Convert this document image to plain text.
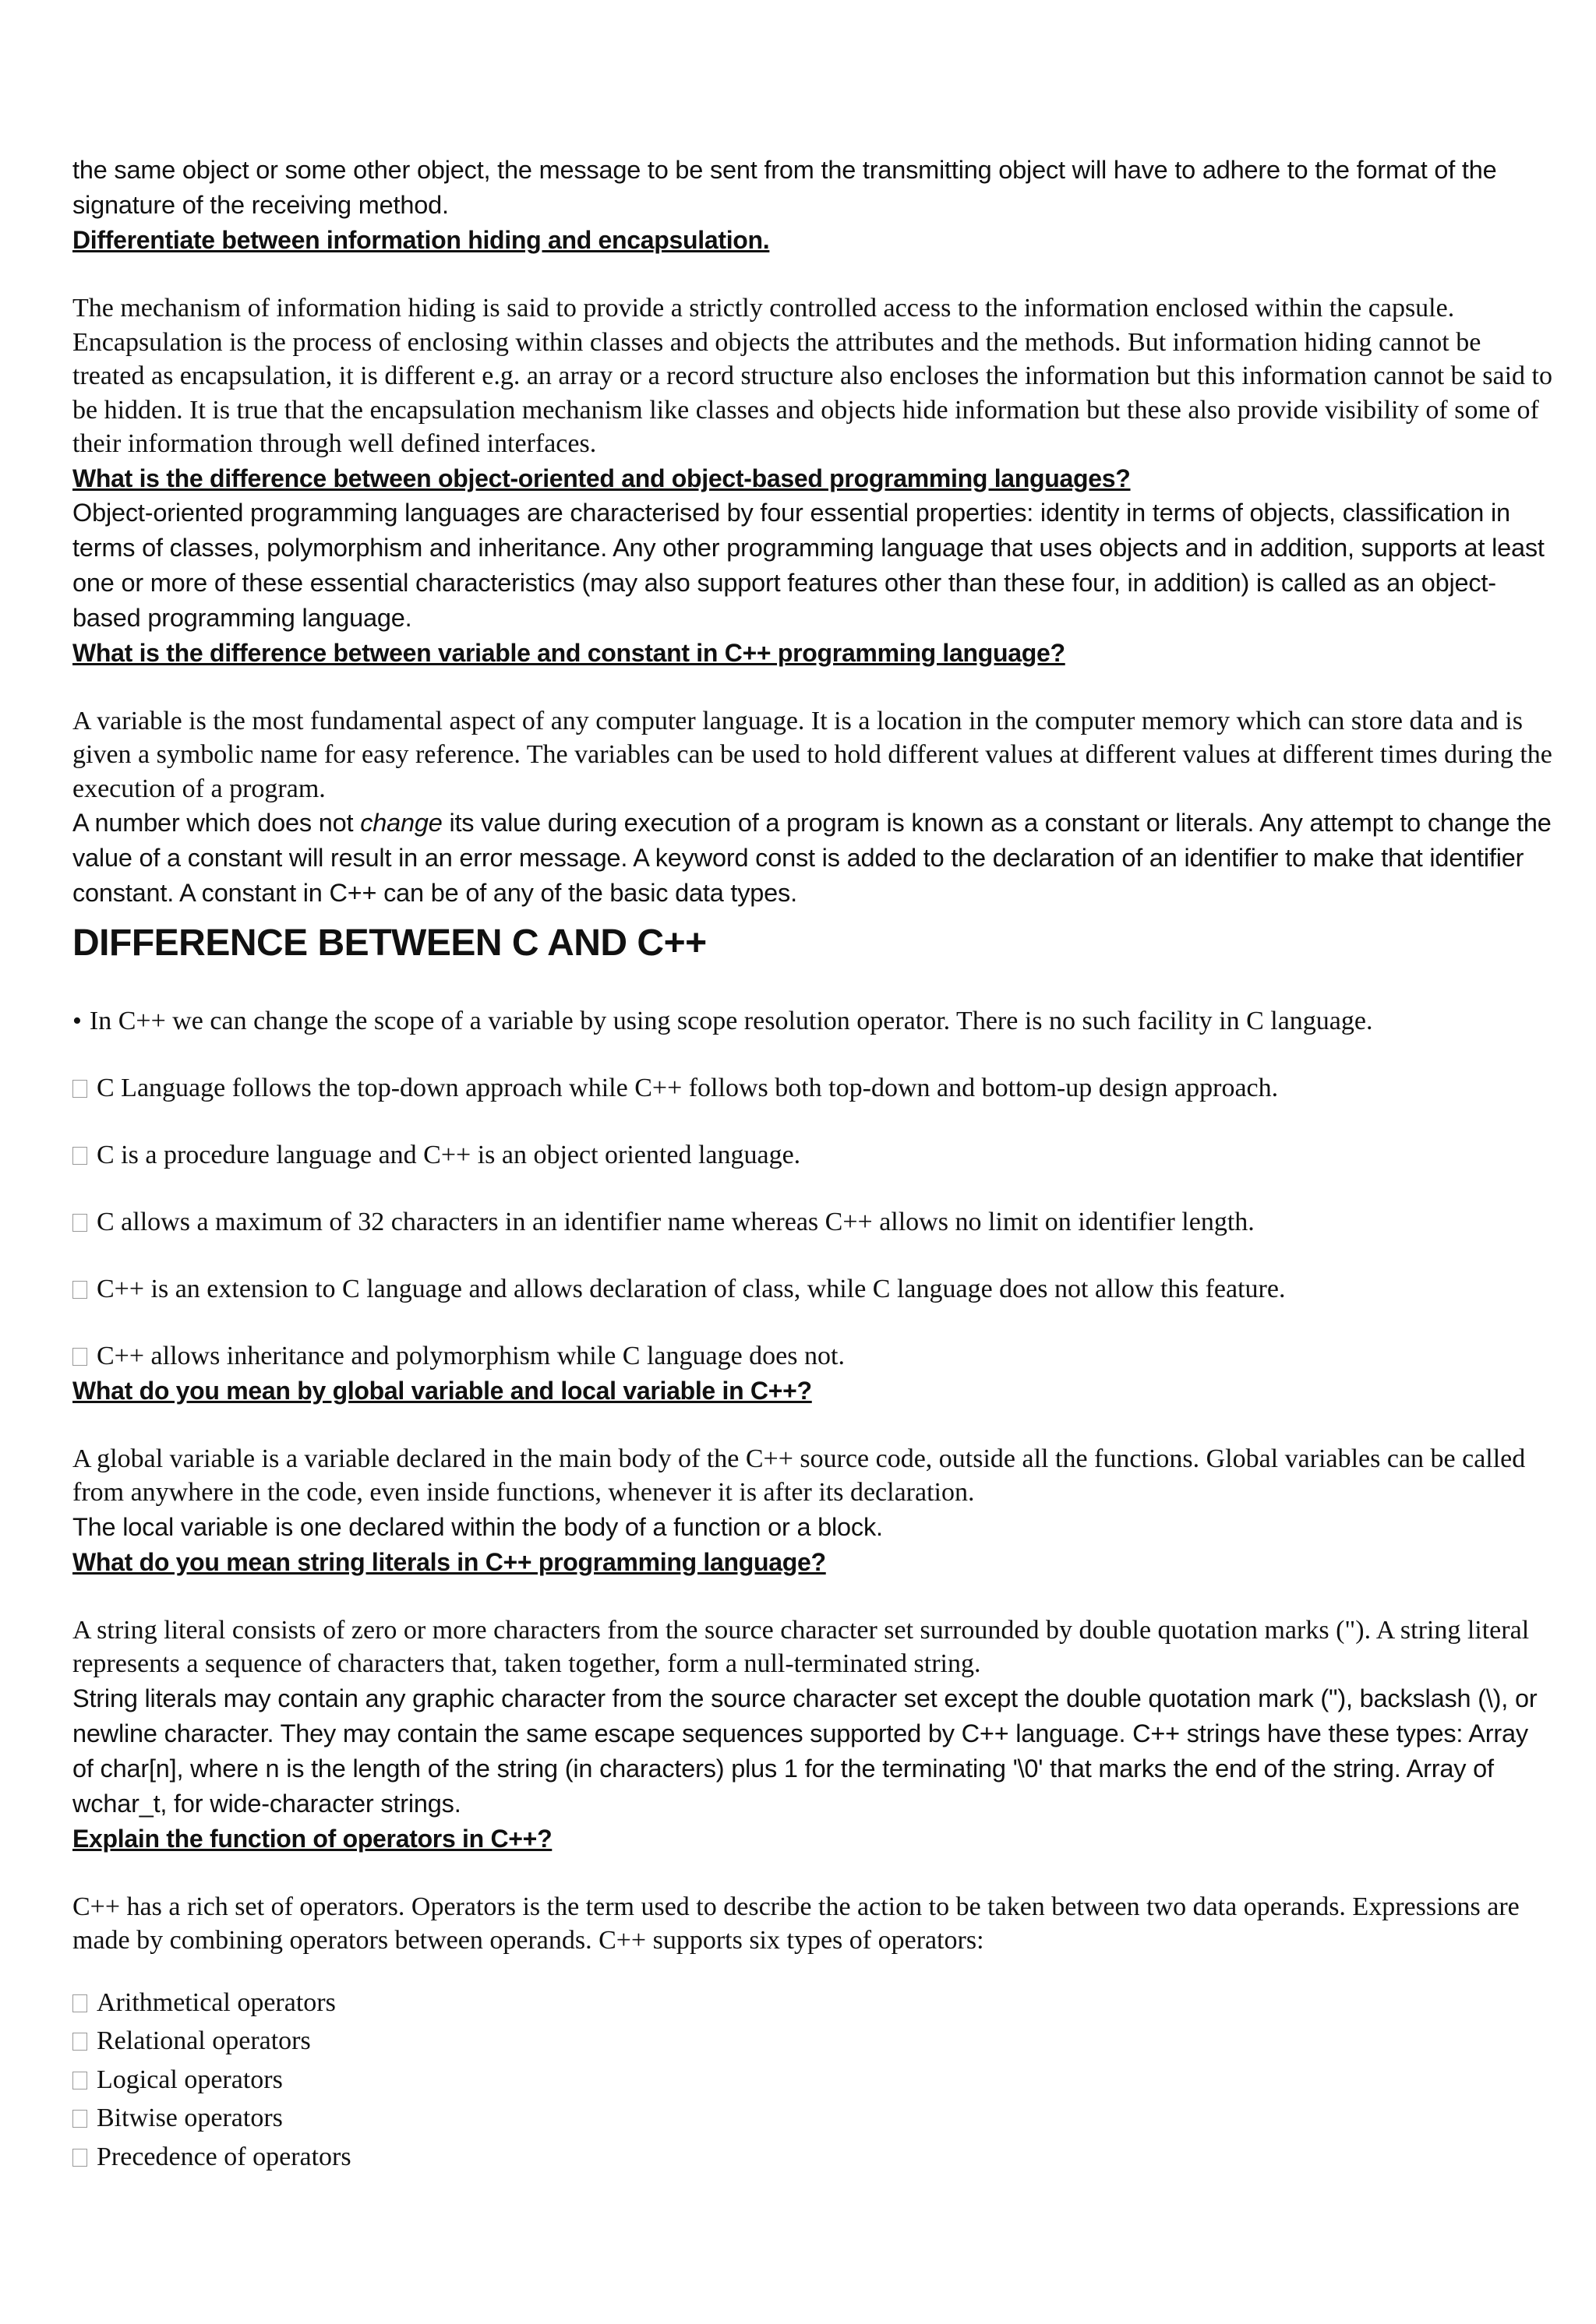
the same object or some other object, the message to be sent from the transmitting object will have to adhere to the format of the signature of the receiving method.

Differentiate between information hiding and encapsulation.

The mechanism of information hiding is said to provide a strictly controlled access to the information enclosed within the capsule. Encapsulation is the process of enclosing within classes and objects the attributes and the methods. But information hiding cannot be treated as encapsulation, it is different e.g. an array or a record structure also encloses the information but this information cannot be said to be hidden. It is true that the encapsulation mechanism like classes and objects hide information but these also provide visibility of some of their information through well defined interfaces.

What is the difference between object-oriented and object-based programming languages?

Object-oriented programming languages are characterised by four essential properties: identity in terms of objects, classification in terms of classes, polymorphism and inheritance. Any other programming language that uses objects and in addition, supports at least one or more of these essential characteristics (may also support features other than these four, in addition) is called as an object-based programming language.

What is the difference between variable and constant in C++ programming language?

A variable is the most fundamental aspect of any computer language. It is a location in the computer memory which can store data and is given a symbolic name for easy reference. The variables can be used to hold different values at different values at different times during the execution of a program.

A number which does not change its value during execution of a program is known as a constant or literals. Any attempt to change the value of a constant will result in an error message. A keyword const is added to the declaration of an identifier to make that identifier constant. A constant in C++ can be of any of the basic data types.

DIFFERENCE BETWEEN C AND C++
• In C++ we can change the scope of a variable by using scope resolution operator. There is no such facility in C language.
C Language follows the top-down approach while C++ follows both top-down and bottom-up design approach.
C is a procedure language and C++ is an object oriented language.
C allows a maximum of 32 characters in an identifier name whereas C++ allows no limit on identifier length.
C++ is an extension to C language and allows declaration of class, while C language does not allow this feature.
C++ allows inheritance and polymorphism while C language does not.

What do you mean by global variable and local variable in C++?

A global variable is a variable declared in the main body of the C++ source code, outside all the functions. Global variables can be called from anywhere in the code, even inside functions, whenever it is after its declaration.

The local variable is one declared within the body of a function or a block.

What do you mean string literals in C++ programming language?

A string literal consists of zero or more characters from the source character set surrounded by double quotation marks ("). A string literal represents a sequence of characters that, taken together, form a null-terminated string.

String literals may contain any graphic character from the source character set except the double quotation mark ("), backslash (\), or newline character. They may contain the same escape sequences supported by C++ language. C++ strings have these types: Array of char[n], where n is the length of the string (in characters) plus 1 for the terminating '\0' that marks the end of the string. Array of wchar_t, for wide-character strings.

Explain the function of operators in C++?

C++ has a rich set of operators. Operators is the term used to describe the action to be taken between two data operands. Expressions are made by combining operators between operands. C++ supports six types of operators:

Arithmetical operators
Relational operators
Logical operators
Bitwise operators
Precedence of operators
